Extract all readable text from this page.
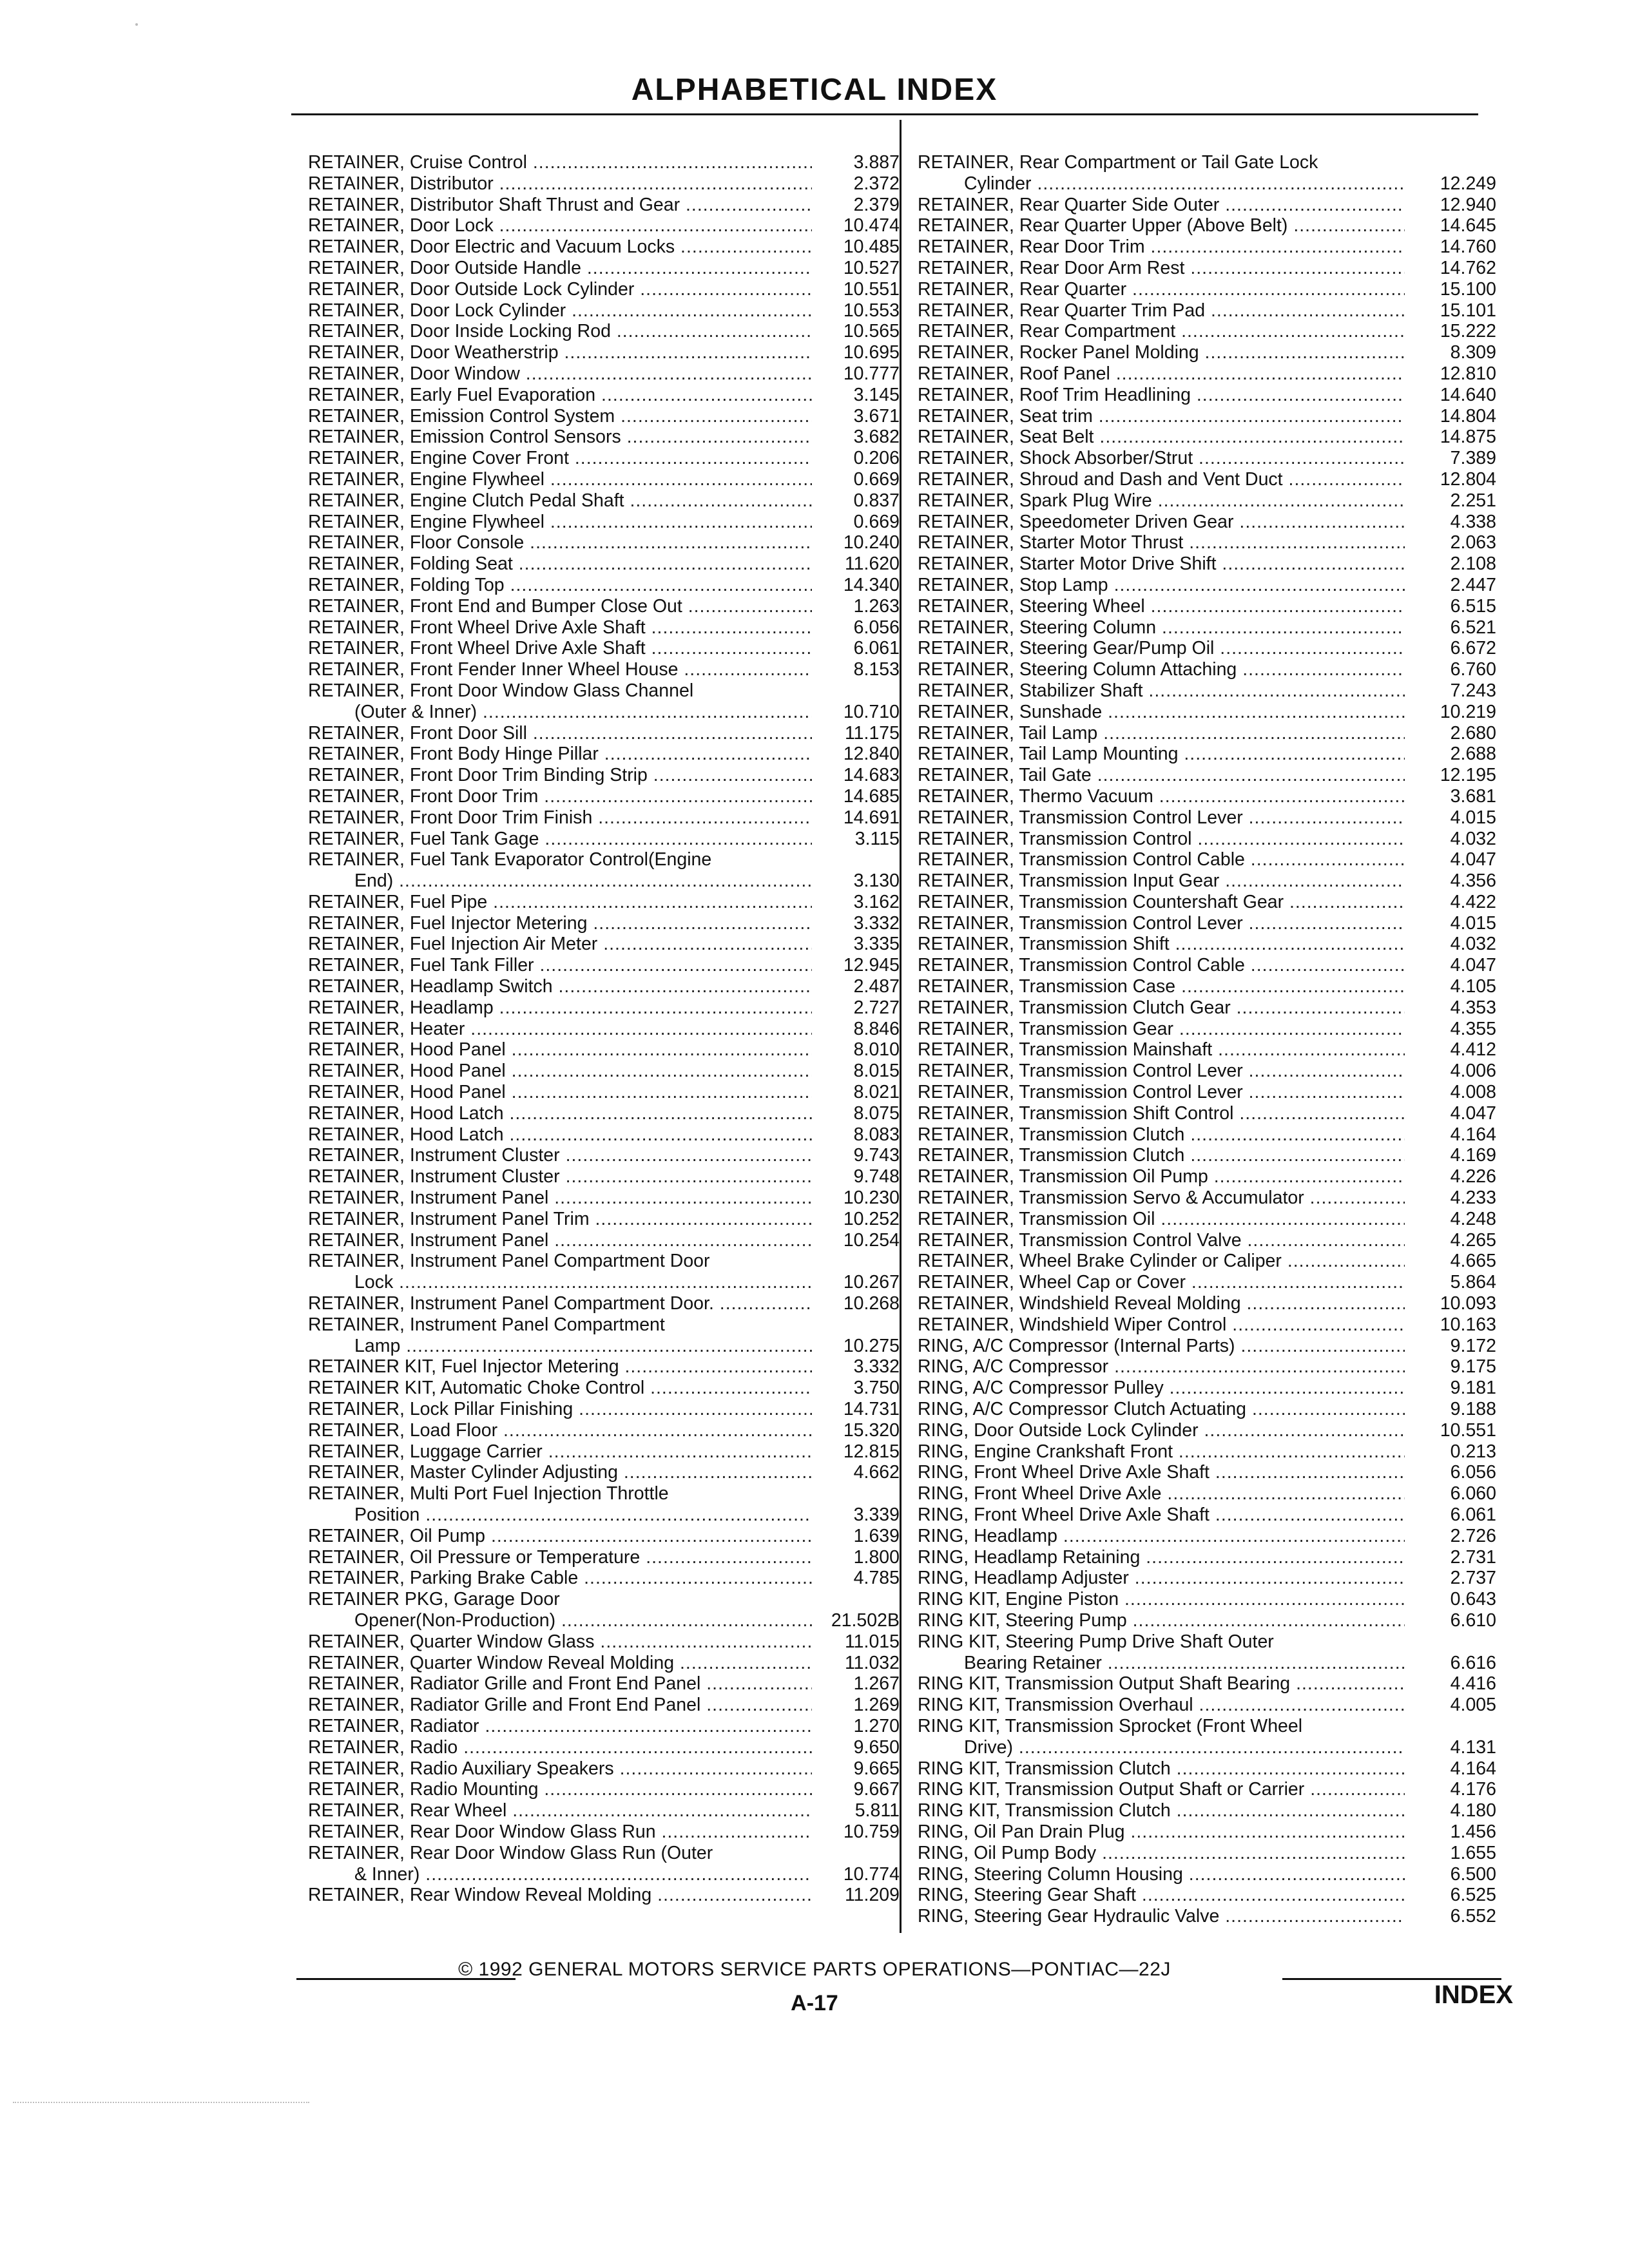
ALPHABETICAL INDEX
RETAINER, Cruise Control .....	3.887
RETAINER, Distributor .....	2.372
RETAINER, Distributor Shaft Thrust and Gear .....	2.379
RETAINER, Door Lock .....	10.474
RETAINER, Door Electric and Vacuum Locks .....	10.485
RETAINER, Door Outside Handle .....	10.527
RETAINER, Door Outside Lock Cylinder .....	10.551
RETAINER, Door Lock Cylinder .....	10.553
RETAINER, Door Inside Locking Rod .....	10.565
RETAINER, Door Weatherstrip .....	10.695
RETAINER, Door Window .....	10.777
RETAINER, Early Fuel Evaporation .....	3.145
RETAINER, Emission Control System .....	3.671
RETAINER, Emission Control Sensors .....	3.682
RETAINER, Engine Cover Front .....	0.206
RETAINER, Engine Flywheel .....	0.669
RETAINER, Engine Clutch Pedal Shaft .....	0.837
RETAINER, Engine Flywheel .....	0.669
RETAINER, Floor Console .....	10.240
RETAINER, Folding Seat .....	11.620
RETAINER, Folding Top .....	14.340
RETAINER, Front End and Bumper Close Out .....	1.263
RETAINER, Front Wheel Drive Axle Shaft .....	6.056
RETAINER, Front Wheel Drive Axle Shaft .....	6.061
RETAINER, Front Fender Inner Wheel House .....	8.153
RETAINER, Front Door Window Glass Channel
(Outer & Inner) .....	10.710
RETAINER, Front Door Sill .....	11.175
RETAINER, Front Body Hinge Pillar .....	12.840
RETAINER, Front Door Trim Binding Strip .....	14.683
RETAINER, Front Door Trim .....	14.685
RETAINER, Front Door Trim Finish .....	14.691
RETAINER, Fuel Tank Gage .....	3.115
RETAINER, Fuel Tank Evaporator Control(Engine
End) .....	3.130
RETAINER, Fuel Pipe .....	3.162
RETAINER, Fuel Injector Metering .....	3.332
RETAINER, Fuel Injection Air Meter .....	3.335
RETAINER, Fuel Tank Filler .....	12.945
RETAINER, Headlamp Switch .....	2.487
RETAINER, Headlamp .....	2.727
RETAINER, Heater .....	8.846
RETAINER, Hood Panel .....	8.010
RETAINER, Hood Panel .....	8.015
RETAINER, Hood Panel .....	8.021
RETAINER, Hood Latch .....	8.075
RETAINER, Hood Latch .....	8.083
RETAINER, Instrument Cluster .....	9.743
RETAINER, Instrument Cluster .....	9.748
RETAINER, Instrument Panel .....	10.230
RETAINER, Instrument Panel Trim .....	10.252
RETAINER, Instrument Panel .....	10.254
RETAINER, Instrument Panel Compartment Door
Lock .....	10.267
RETAINER, Instrument Panel Compartment Door. .....	10.268
RETAINER, Instrument Panel Compartment
Lamp .....	10.275
RETAINER KIT, Fuel Injector Metering .....	3.332
RETAINER KIT, Automatic Choke Control .....	3.750
RETAINER, Lock Pillar Finishing .....	14.731
RETAINER, Load Floor .....	15.320
RETAINER, Luggage Carrier .....	12.815
RETAINER, Master Cylinder Adjusting .....	4.662
RETAINER, Multi Port Fuel Injection Throttle
Position .....	3.339
RETAINER, Oil Pump .....	1.639
RETAINER, Oil Pressure or Temperature .....	1.800
RETAINER, Parking Brake Cable .....	4.785
RETAINER PKG, Garage Door
Opener(Non-Production) .....	21.502B
RETAINER, Quarter Window Glass .....	11.015
RETAINER, Quarter Window Reveal Molding .....	11.032
RETAINER, Radiator Grille and Front End Panel .....	1.267
RETAINER, Radiator Grille and Front End Panel .....	1.269
RETAINER, Radiator .....	1.270
RETAINER, Radio .....	9.650
RETAINER, Radio Auxiliary Speakers .....	9.665
RETAINER, Radio Mounting .....	9.667
RETAINER, Rear Wheel .....	5.811
RETAINER, Rear Door Window Glass Run .....	10.759
RETAINER, Rear Door Window Glass Run (Outer
& Inner) .....	10.774
RETAINER, Rear Window Reveal Molding .....	11.209
RETAINER, Rear Compartment or Tail Gate Lock
Cylinder .....	12.249
RETAINER, Rear Quarter Side Outer .....	12.940
RETAINER, Rear Quarter Upper (Above Belt) .....	14.645
RETAINER, Rear Door Trim .....	14.760
RETAINER, Rear Door Arm Rest .....	14.762
RETAINER, Rear Quarter .....	15.100
RETAINER, Rear Quarter Trim Pad .....	15.101
RETAINER, Rear Compartment .....	15.222
RETAINER, Rocker Panel Molding .....	8.309
RETAINER, Roof Panel .....	12.810
RETAINER, Roof Trim Headlining .....	14.640
RETAINER, Seat trim .....	14.804
RETAINER, Seat Belt .....	14.875
RETAINER, Shock Absorber/Strut .....	7.389
RETAINER, Shroud and Dash and Vent Duct .....	12.804
RETAINER, Spark Plug Wire .....	2.251
RETAINER, Speedometer Driven Gear .....	4.338
RETAINER, Starter Motor Thrust .....	2.063
RETAINER, Starter Motor Drive Shift .....	2.108
RETAINER, Stop Lamp .....	2.447
RETAINER, Steering Wheel .....	6.515
RETAINER, Steering Column .....	6.521
RETAINER, Steering Gear/Pump Oil .....	6.672
RETAINER, Steering Column Attaching .....	6.760
RETAINER, Stabilizer Shaft .....	7.243
RETAINER, Sunshade .....	10.219
RETAINER, Tail Lamp .....	2.680
RETAINER, Tail Lamp Mounting .....	2.688
RETAINER, Tail Gate .....	12.195
RETAINER, Thermo Vacuum .....	3.681
RETAINER, Transmission Control Lever .....	4.015
RETAINER, Transmission Control .....	4.032
RETAINER, Transmission Control Cable .....	4.047
RETAINER, Transmission Input Gear .....	4.356
RETAINER, Transmission Countershaft Gear .....	4.422
RETAINER, Transmission Control Lever .....	4.015
RETAINER, Transmission Shift .....	4.032
RETAINER, Transmission Control Cable .....	4.047
RETAINER, Transmission Case .....	4.105
RETAINER, Transmission Clutch Gear .....	4.353
RETAINER, Transmission Gear .....	4.355
RETAINER, Transmission Mainshaft .....	4.412
RETAINER, Transmission Control Lever .....	4.006
RETAINER, Transmission Control Lever .....	4.008
RETAINER, Transmission Shift Control .....	4.047
RETAINER, Transmission Clutch .....	4.164
RETAINER, Transmission Clutch .....	4.169
RETAINER, Transmission Oil Pump .....	4.226
RETAINER, Transmission Servo & Accumulator .....	4.233
RETAINER, Transmission Oil .....	4.248
RETAINER, Transmission Control Valve .....	4.265
RETAINER, Wheel Brake Cylinder or Caliper .....	4.665
RETAINER, Wheel Cap or Cover .....	5.864
RETAINER, Windshield Reveal Molding .....	10.093
RETAINER, Windshield Wiper Control .....	10.163
RING, A/C Compressor (Internal Parts) .....	9.172
RING, A/C Compressor .....	9.175
RING, A/C Compressor Pulley .....	9.181
RING, A/C Compressor Clutch Actuating .....	9.188
RING, Door Outside Lock Cylinder .....	10.551
RING, Engine Crankshaft Front .....	0.213
RING, Front Wheel Drive Axle Shaft .....	6.056
RING, Front Wheel Drive Axle .....	6.060
RING, Front Wheel Drive Axle Shaft .....	6.061
RING, Headlamp .....	2.726
RING, Headlamp Retaining .....	2.731
RING, Headlamp Adjuster .....	2.737
RING KIT, Engine Piston .....	0.643
RING KIT, Steering Pump .....	6.610
RING KIT, Steering Pump Drive Shaft Outer
Bearing Retainer .....	6.616
RING KIT, Transmission Output Shaft Bearing .....	4.416
RING KIT, Transmission Overhaul .....	4.005
RING KIT, Transmission Sprocket (Front Wheel
Drive) .....	4.131
RING KIT, Transmission Clutch .....	4.164
RING KIT, Transmission Output Shaft or Carrier .....	4.176
RING KIT, Transmission Clutch .....	4.180
RING, Oil Pan Drain Plug .....	1.456
RING, Oil Pump Body .....	1.655
RING, Steering Column Housing .....	6.500
RING, Steering Gear Shaft .....	6.525
RING, Steering Gear Hydraulic Valve .....	6.552
© 1992 GENERAL MOTORS SERVICE PARTS OPERATIONS—PONTIAC—22J
A-17	INDEX
